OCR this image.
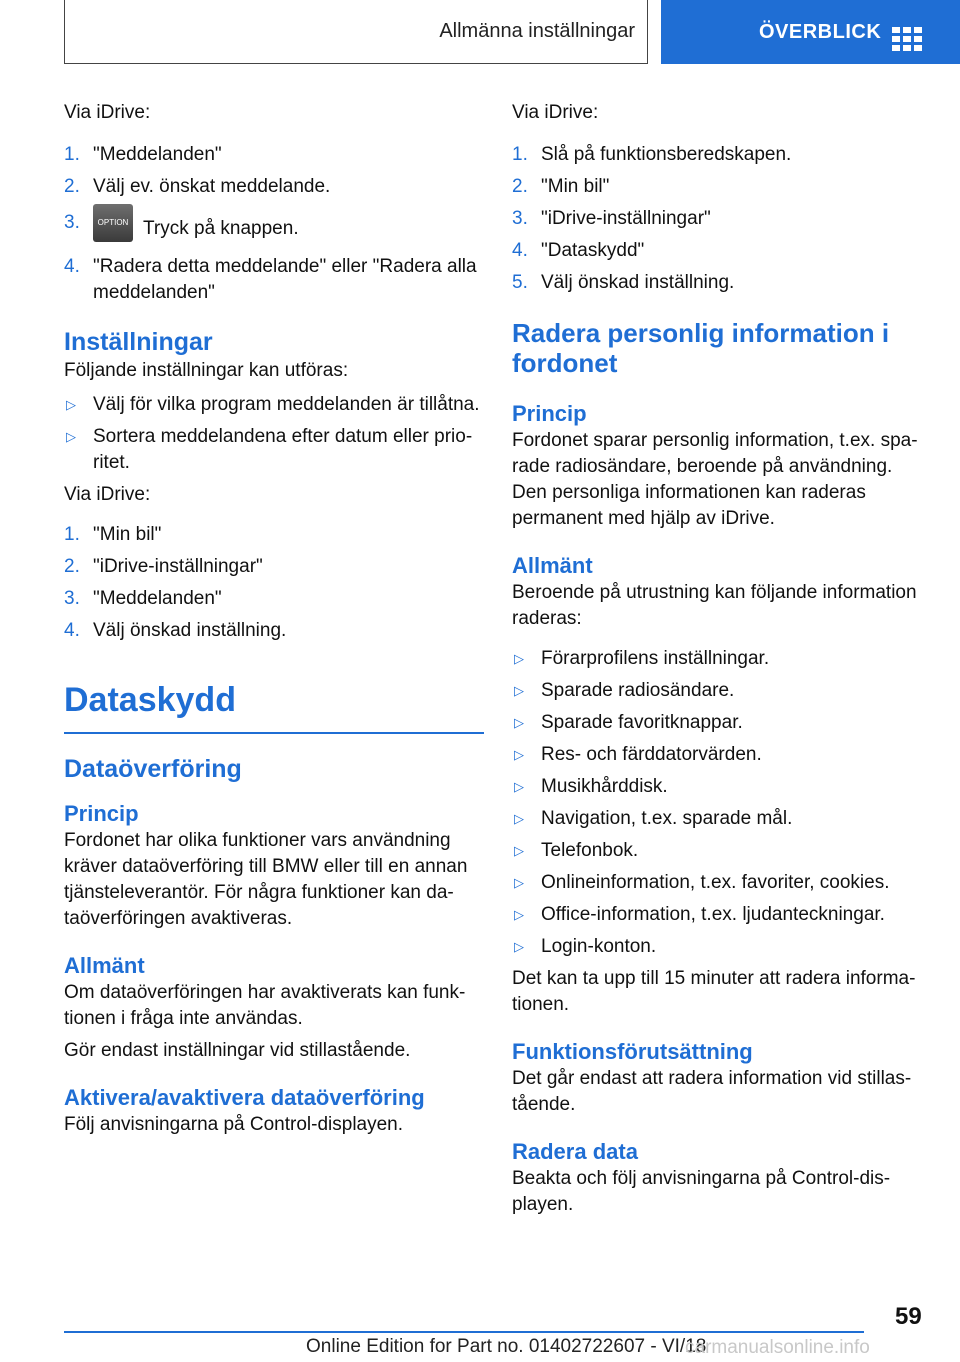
Allmänna inställningar	ÖVERBLICK

Via iDrive:

1. "Meddelanden"
2. Välj ev. önskat meddelande.
3. OPTION Tryck på knappen.
4. "Radera detta meddelande" eller "Radera alla meddelanden"
Inställningar

Följande inställningar kan utföras:

▷ Välj för vilka program meddelanden är tillåtna.
▷ Sortera meddelandena efter datum eller prio-ritet.

Via iDrive:

1. "Min bil"
2. "iDrive-inställningar"
3. "Meddelanden"
4. Välj önskad inställning.
Dataskydd
Dataöverföring
Princip

Fordonet har olika funktioner vars användning kräver dataöverföring till BMW eller till en annan tjänsteleverantör. För några funktioner kan da-taöverföringen avaktiveras.

Allmänt

Om dataöverföringen har avaktiverats kan funk-tionen i fråga inte användas.

Gör endast inställningar vid stillastående.

Aktivera/avaktivera dataöverföring

Följ anvisningarna på Control-displayen.

Via iDrive:

1. Slå på funktionsberedskapen.
2. "Min bil"
3. "iDrive-inställningar"
4. "Dataskydd"
5. Välj önskad inställning.
Radera personlig information i fordonet
Princip

Fordonet sparar personlig information, t.ex. spa-rade radiosändare, beroende på användning. Den personliga informationen kan raderas permanent med hjälp av iDrive.

Allmänt

Beroende på utrustning kan följande information raderas:

▷ Förarprofilens inställningar.
▷ Sparade radiosändare.
▷ Sparade favoritknappar.
▷ Res- och färddatorvärden.
▷ Musikhårddisk.
▷ Navigation, t.ex. sparade mål.
▷ Telefonbok.
▷ Onlineinformation, t.ex. favoriter, cookies.
▷ Office-information, t.ex. ljudanteckningar.
▷ Login-konton.

Det kan ta upp till 15 minuter att radera informa-tionen.

Funktionsförutsättning

Det går endast att radera information vid stillas-tående.

Radera data

Beakta och följ anvisningarna på Control-dis-playen.

59
Online Edition for Part no. 01402722607 - VI/18
carmanualsonline.info
